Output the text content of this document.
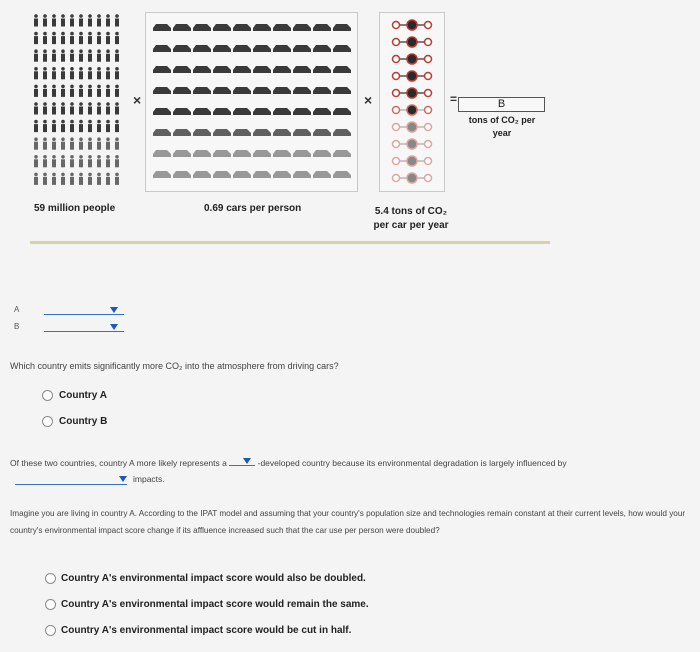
×	×	=	B
tons of CO₂ per
year
59 million people	0.69 cars per person	5.4 tons of CO₂
per car per year
A
B
Which country emits significantly more CO₂ into the atmosphere from driving cars?
Country A
Country B
Of these two countries, country A more likely represents a	-developed country because its environmental degradation is largely influenced by
impacts.
Imagine you are living in country A. According to the IPAT model and assuming that your country's population size and technologies remain constant at their current levels, how would your country's environmental impact score change if its affluence increased such that the car use per person were doubled?
Country A's environmental impact score would also be doubled.
Country A's environmental impact score would remain the same.
Country A's environmental impact score would be cut in half.
